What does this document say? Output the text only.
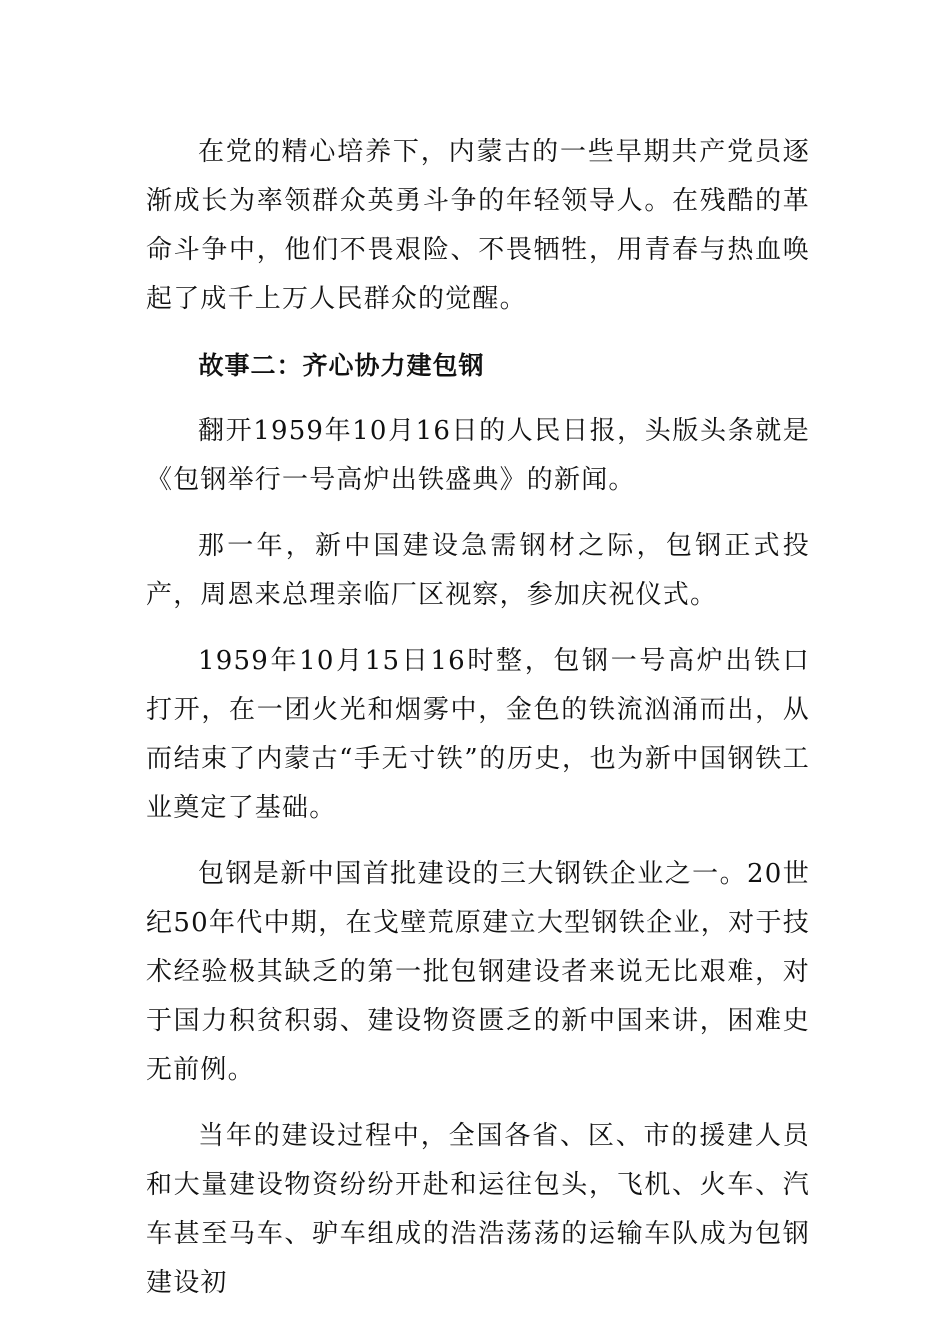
在党的精心培养下，内蒙古的一些早期共产党员逐渐成长为率领群众英勇斗争的年轻领导人。在残酷的革命斗争中，他们不畏艰险、不畏牺牲，用青春与热血唤起了成千上万人民群众的觉醒。

故事二：齐心协力建包钢

翻开1959年10月16日的人民日报，头版头条就是《包钢举行一号高炉出铁盛典》的新闻。

那一年，新中国建设急需钢材之际，包钢正式投产，周恩来总理亲临厂区视察，参加庆祝仪式。

1959年10月15日16时整，包钢一号高炉出铁口打开，在一团火光和烟雾中，金色的铁流汹涌而出，从而结束了内蒙古“手无寸铁”的历史，也为新中国钢铁工业奠定了基础。

包钢是新中国首批建设的三大钢铁企业之一。20世纪50年代中期，在戈壁荒原建立大型钢铁企业，对于技术经验极其缺乏的第一批包钢建设者来说无比艰难，对于国力积贫积弱、建设物资匮乏的新中国来讲，困难史无前例。

当年的建设过程中，全国各省、区、市的援建人员和大量建设物资纷纷开赴和运往包头，飞机、火车、汽车甚至马车、驴车组成的浩浩荡荡的运输车队成为包钢建设初
